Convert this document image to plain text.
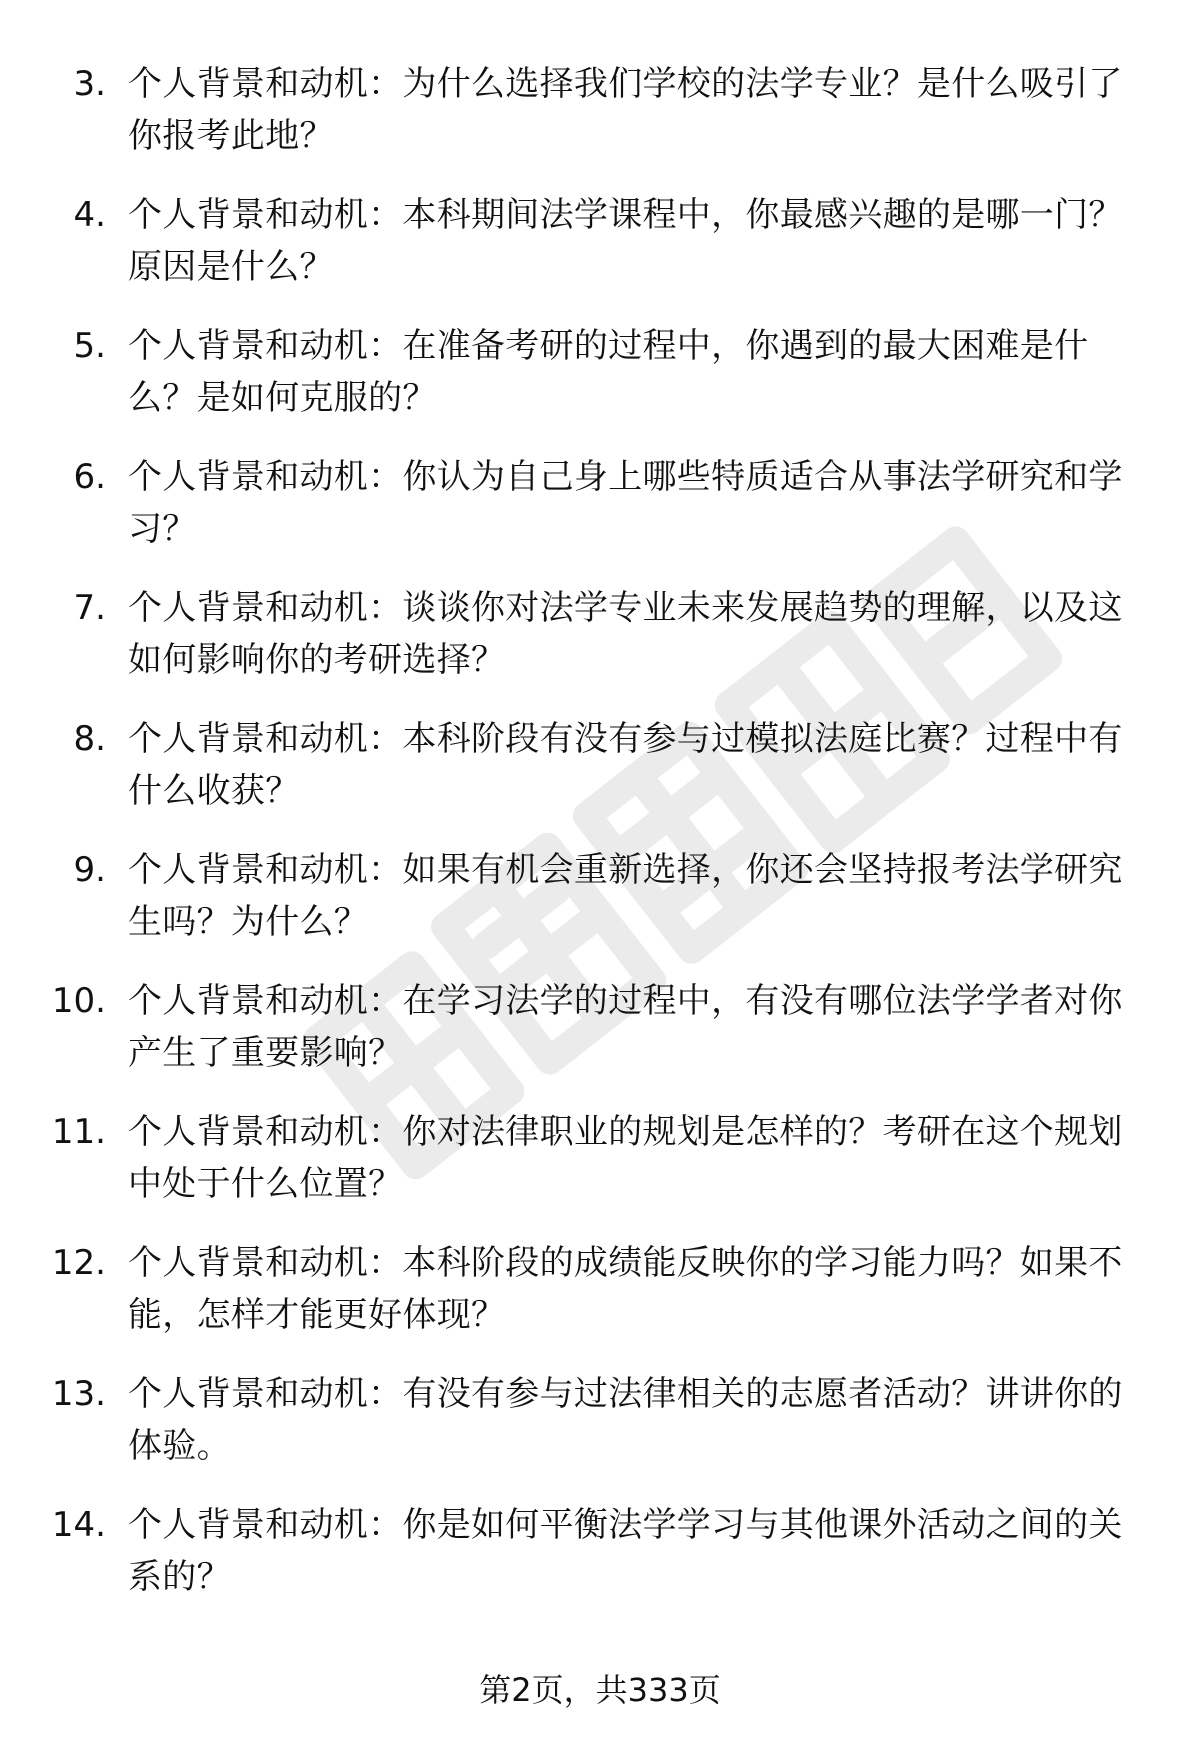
3. 个人背景和动机：为什么选择我们学校的法学专业？是什么吸引了你报考此地？
4. 个人背景和动机：本科期间法学课程中，你最感兴趣的是哪一门？原因是什么？
5. 个人背景和动机：在准备考研的过程中，你遇到的最大困难是什么？是如何克服的？
6. 个人背景和动机：你认为自己身上哪些特质适合从事法学研究和学习？
7. 个人背景和动机：谈谈你对法学专业未来发展趋势的理解，以及这如何影响你的考研选择？
8. 个人背景和动机：本科阶段有没有参与过模拟法庭比赛？过程中有什么收获？
9. 个人背景和动机：如果有机会重新选择，你还会坚持报考法学研究生吗？为什么？
10. 个人背景和动机：在学习法学的过程中，有没有哪位法学学者对你产生了重要影响？
11. 个人背景和动机：你对法律职业的规划是怎样的？考研在这个规划中处于什么位置？
12. 个人背景和动机：本科阶段的成绩能反映你的学习能力吗？如果不能，怎样才能更好体现？
13. 个人背景和动机：有没有参与过法律相关的志愿者活动？讲讲你的体验。
14. 个人背景和动机：你是如何平衡法学学习与其他课外活动之间的关系的？
第2页，共333页
